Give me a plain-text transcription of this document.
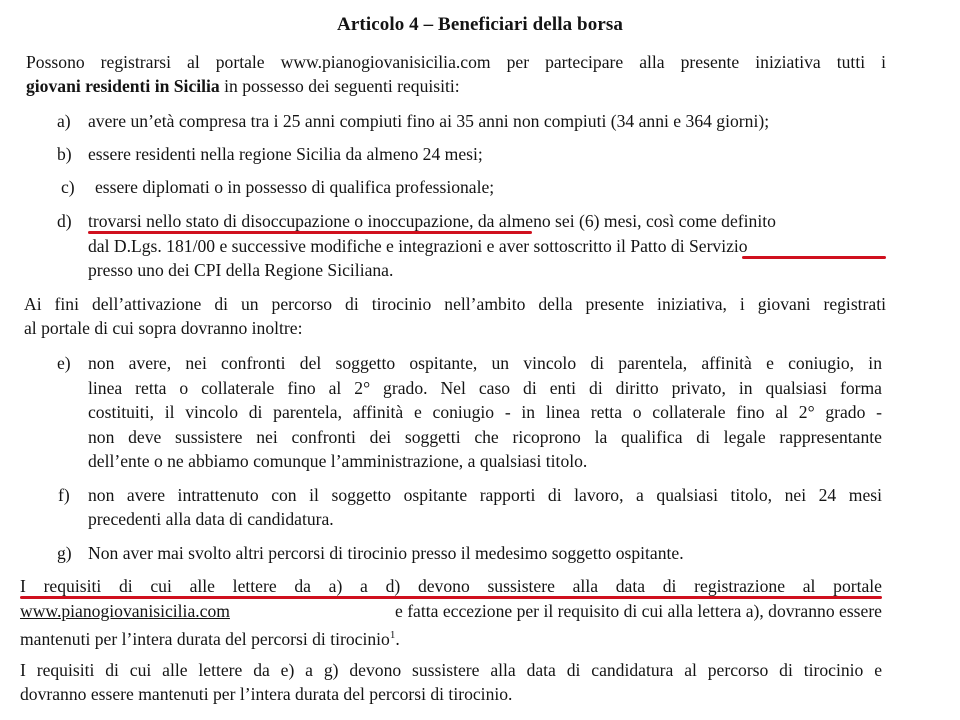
Articolo 4 – Beneficiari della borsa
Possono registrarsi al portale www.pianogiovanisicilia.com per partecipare alla presente iniziativa tutti i
giovani residenti in Sicilia in possesso dei seguenti requisiti:
a) avere un’età compresa tra i 25 anni compiuti fino ai 35 anni non compiuti (34 anni e 364 giorni);
b) essere residenti nella regione Sicilia da almeno 24 mesi;
c) essere diplomati o in possesso di qualifica professionale;
d) trovarsi nello stato di disoccupazione o inoccupazione, da almeno sei (6) mesi, così come definito
dal D.Lgs. 181/00 e successive modifiche e integrazioni e aver sottoscritto il Patto di Servizio
presso uno dei CPI della Regione Siciliana.
Ai fini dell’attivazione di un percorso di tirocinio nell’ambito della presente iniziativa, i giovani registrati
al portale di cui sopra dovranno inoltre:
e) non avere, nei confronti del soggetto ospitante, un vincolo di parentela, affinità e coniugio, in
linea retta o collaterale fino al 2° grado. Nel caso di enti di diritto privato, in qualsiasi forma
costituiti, il vincolo di parentela, affinità e coniugio - in linea retta o collaterale fino al 2° grado -
non deve sussistere nei confronti dei soggetti che ricoprono la qualifica di legale rappresentante
dell’ente o ne abbiamo comunque l’amministrazione, a qualsiasi titolo.
f) non avere intrattenuto con il soggetto ospitante rapporti di lavoro, a qualsiasi titolo, nei 24 mesi
precedenti alla data di candidatura.
g) Non aver mai svolto altri percorsi di tirocinio presso il medesimo soggetto ospitante.
I requisiti di cui alle lettere da a) a d) devono sussistere alla data di registrazione al portale
www.pianogiovanisicilia.com	e fatta eccezione per il requisito di cui alla lettera a), dovranno essere
mantenuti per l’intera durata del percorsi di tirocinio$^1$.
I requisiti di cui alle lettere da e) a g) devono sussistere alla data di candidatura al percorso di tirocinio e
dovranno essere mantenuti per l’intera durata del percorsi di tirocinio.
